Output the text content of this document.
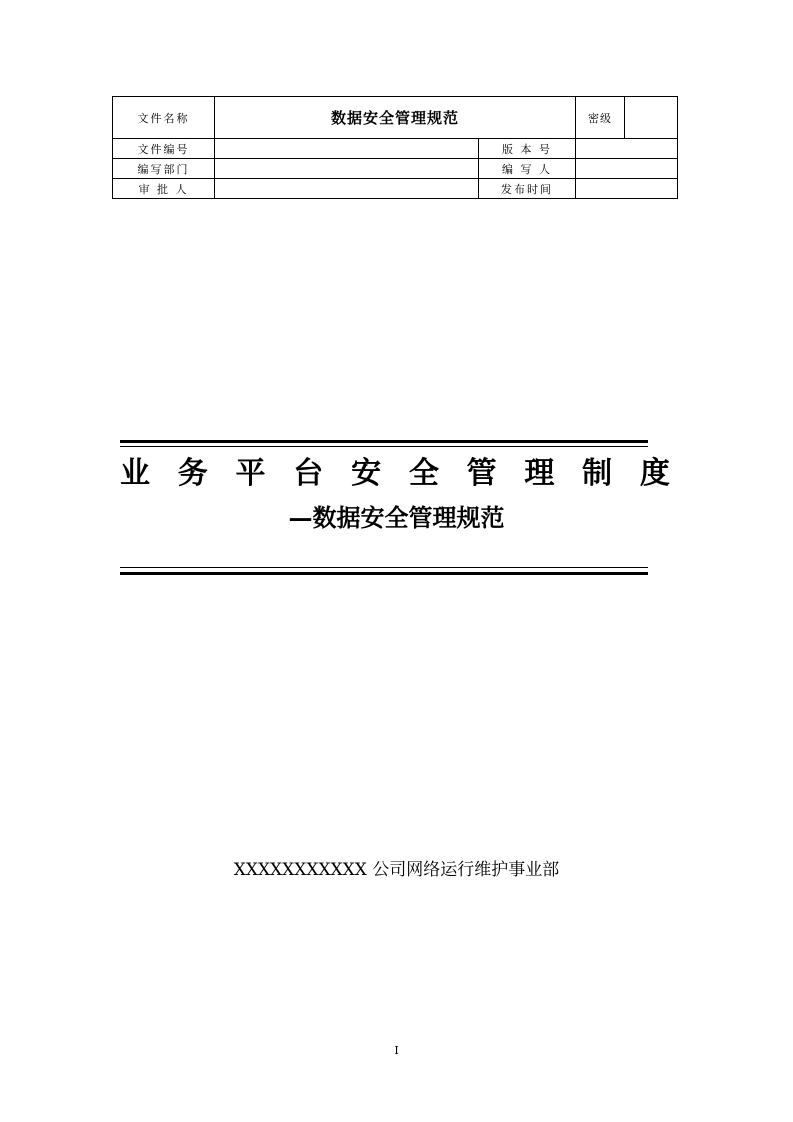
文件名称	数据安全管理规范		密级	
文件编号		版 本 号		
编写部门		编 写 人		
审 批 人		发布时间		
业 务 平 台 安 全 管 理 制 度
—数据安全管理规范
XXXXXXXXXXX 公司网络运行维护事业部
I
